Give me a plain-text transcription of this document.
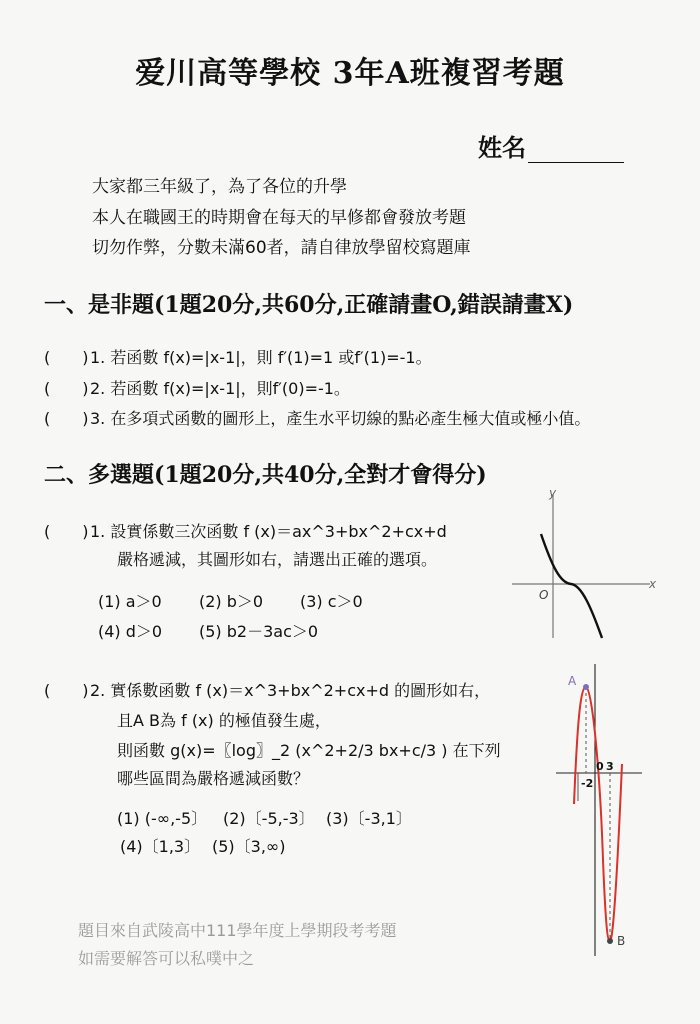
爱川高等學校 3年A班複習考題
姓名
大家都三年級了，為了各位的升學
本人在職國王的時期會在每天的早修都會發放考題
切勿作弊，分數未滿60者，請自律放學留校寫題庫
一、是非題(1題20分,共60分,正確請畫O,錯誤請畫X)
(　　) 1. 若函數 f(x)=|x-1|，則 f′(1)=1 或f′(1)=-1。
(　　) 2. 若函數 f(x)=|x-1|，則f′(0)=-1。
(　　) 3. 在多項式函數的圖形上，產生水平切線的點必產生極大值或極小值。
二、多選題(1題20分,共40分,全對才會得分)
(　　) 1. 設實係數三次函數 f (x)＝ax^3+bx^2+cx+d
嚴格遞減，其圖形如右，請選出正確的選項。
(1) a＞0 (2) b＞0 (3) c＞0
(4) d＞0 (5) b2－3ac＞0
x
y
O
(　　) 2. 實係數函數 f (x)＝x^3+bx^2+cx+d 的圖形如右，
且A B為 f (x) 的極值發生處，
則函數 g(x)=〖log〗_2 (x^2+2/3 bx+c/3 ) 在下列
哪些區間為嚴格遞減函數？
(1) (-∞,-5〕 (2)〔-5,-3〕 (3)〔-3,1〕
(4)〔1,3〕 (5)〔3,∞)
A
B
0 3
-2
題目來自武陵高中111學年度上學期段考考題
如需要解答可以私噗中之
